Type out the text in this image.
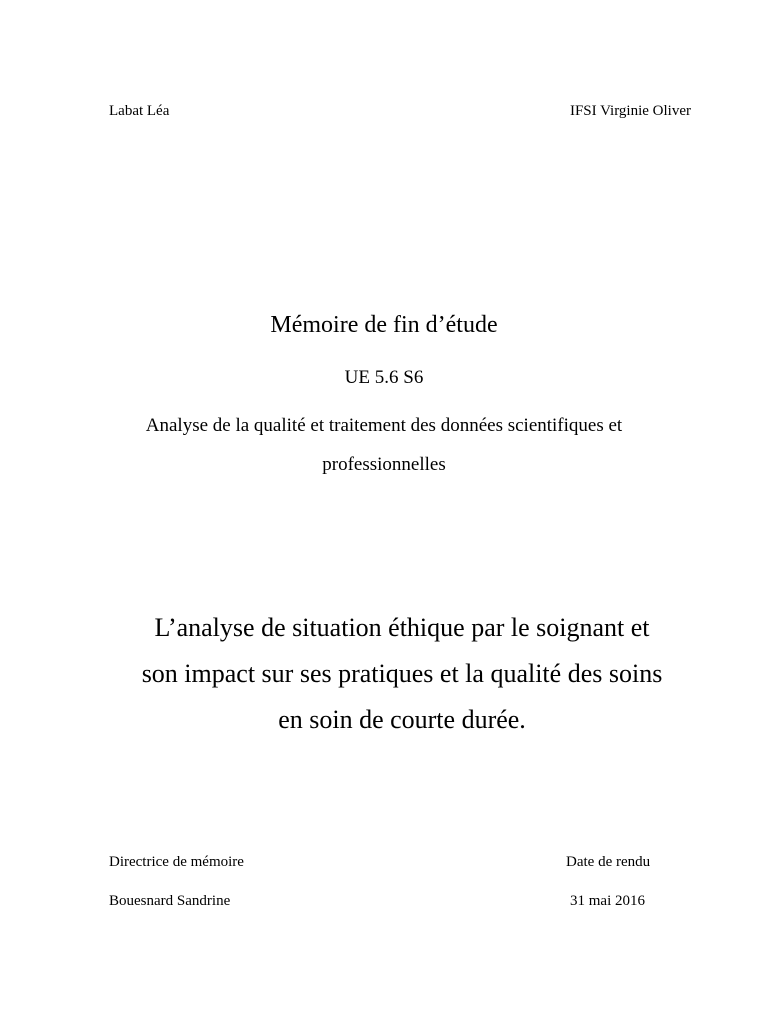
Labat Léa	IFSI Virginie Oliver
Mémoire de fin d’étude
UE 5.6 S6
Analyse de la qualité et traitement des données scientifiques et
professionnelles
L’analyse de situation éthique par le soignant et
son impact sur ses pratiques et la qualité des soins
en soin de courte durée.
Directrice de mémoire
Bouesnard Sandrine
Date de rendu
31 mai 2016
